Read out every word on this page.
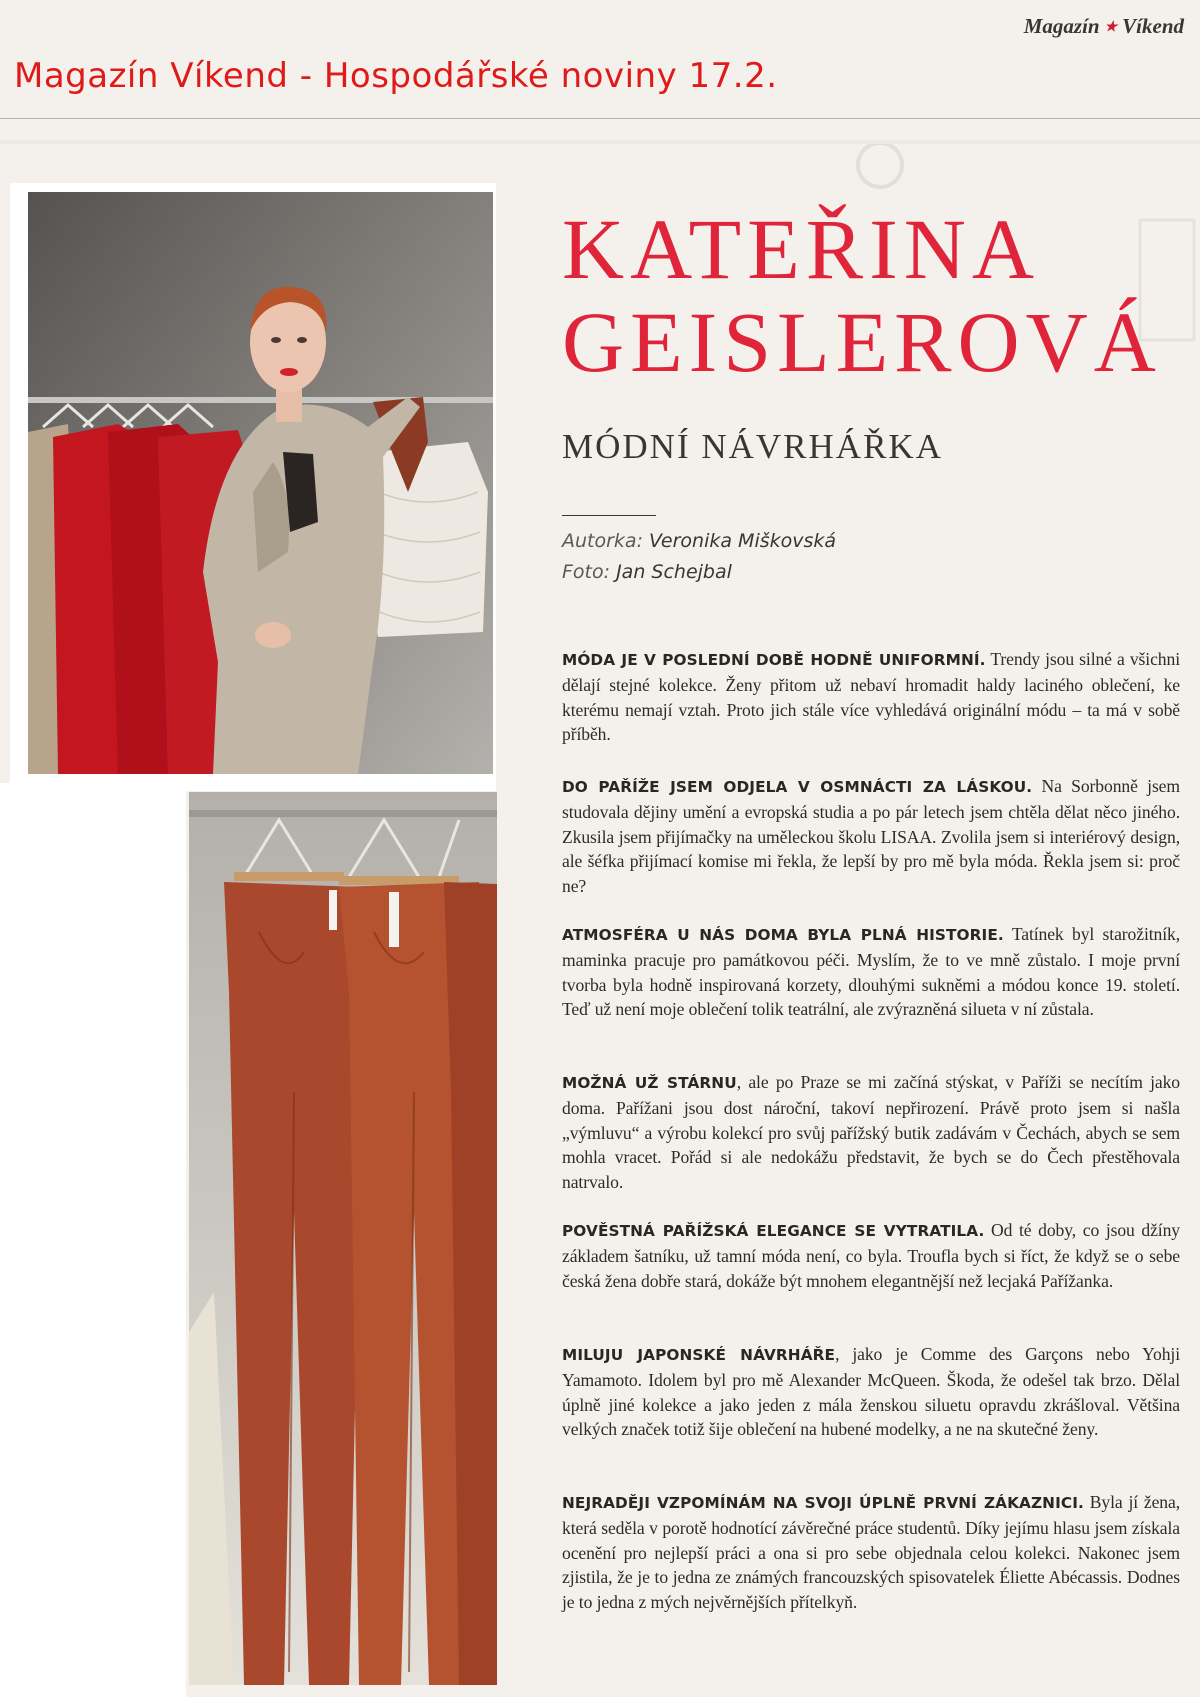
Magazín ★ Víkend
Magazín Víkend - Hospodářské noviny 17.2.
KATEŘINA
GEISLEROVÁ
MÓDNÍ NÁVRHÁŘKA
Autorka: Veronika Miškovská
Foto: Jan Schejbal

MÓDA JE V POSLEDNÍ DOBĚ HODNĚ UNIFORMNÍ. Trendy jsou silné a všichni dělají stejné kolekce. Ženy přitom už nebaví hromadit haldy laciného oblečení, ke kterému nemají vztah. Proto jich stále více vyhledává originální módu – ta má v sobě příběh.

DO PAŘÍŽE JSEM ODJELA V OSMNÁCTI ZA LÁSKOU. Na Sorbonně jsem studovala dějiny umění a evropská studia a po pár letech jsem chtěla dělat něco jiného. Zkusila jsem přijímačky na uměleckou školu LISAA. Zvolila jsem si interiérový design, ale šéfka přijímací komise mi řekla, že lepší by pro mě byla móda. Řekla jsem si: proč ne?

ATMOSFÉRA U NÁS DOMA BYLA PLNÁ HISTORIE. Tatínek byl starožitník, maminka pracuje pro památkovou péči. Myslím, že to ve mně zůstalo. I moje první tvorba byla hodně inspirovaná korzety, dlouhými sukněmi a módou konce 19. století. Teď už není moje oblečení tolik teatrální, ale zvýrazněná silueta v ní zůstala.

MOŽNÁ UŽ STÁRNU, ale po Praze se mi začíná stýskat, v Paříži se necítím jako doma. Pařížani jsou dost nároční, takoví nepřirození. Právě proto jsem si našla „výmluvu“ a výrobu kolekcí pro svůj pařížský butik zadávám v Čechách, abych se sem mohla vracet. Pořád si ale nedokážu představit, že bych se do Čech přestěhovala natrvalo.

POVĚSTNÁ PAŘÍŽSKÁ ELEGANCE SE VYTRATILA. Od té doby, co jsou džíny základem šatníku, už tamní móda není, co byla. Troufla bych si říct, že když se o sebe česká žena dobře stará, dokáže být mnohem elegantnější než lecjaká Pařížanka.

MILUJU JAPONSKÉ NÁVRHÁŘE, jako je Comme des Garçons nebo Yohji Yamamoto. Idolem byl pro mě Alexander McQueen. Škoda, že odešel tak brzo. Dělal úplně jiné kolekce a jako jeden z mála ženskou siluetu opravdu zkrášloval. Většina velkých značek totiž šije oblečení na hubené modelky, a ne na skutečné ženy.

NEJRADĚJI VZPOMÍNÁM NA SVOJI ÚPLNĚ PRVNÍ ZÁKAZNICI. Byla jí žena, která seděla v porotě hodnotící závěrečné práce studentů. Díky jejímu hlasu jsem získala ocenění pro nejlepší práci a ona si pro sebe objednala celou kolekci. Nakonec jsem zjistila, že je to jedna ze známých francouzských spisovatelek Éliette Abécassis. Dodnes je to jedna z mých nejvěrnějších přítelkyň.
